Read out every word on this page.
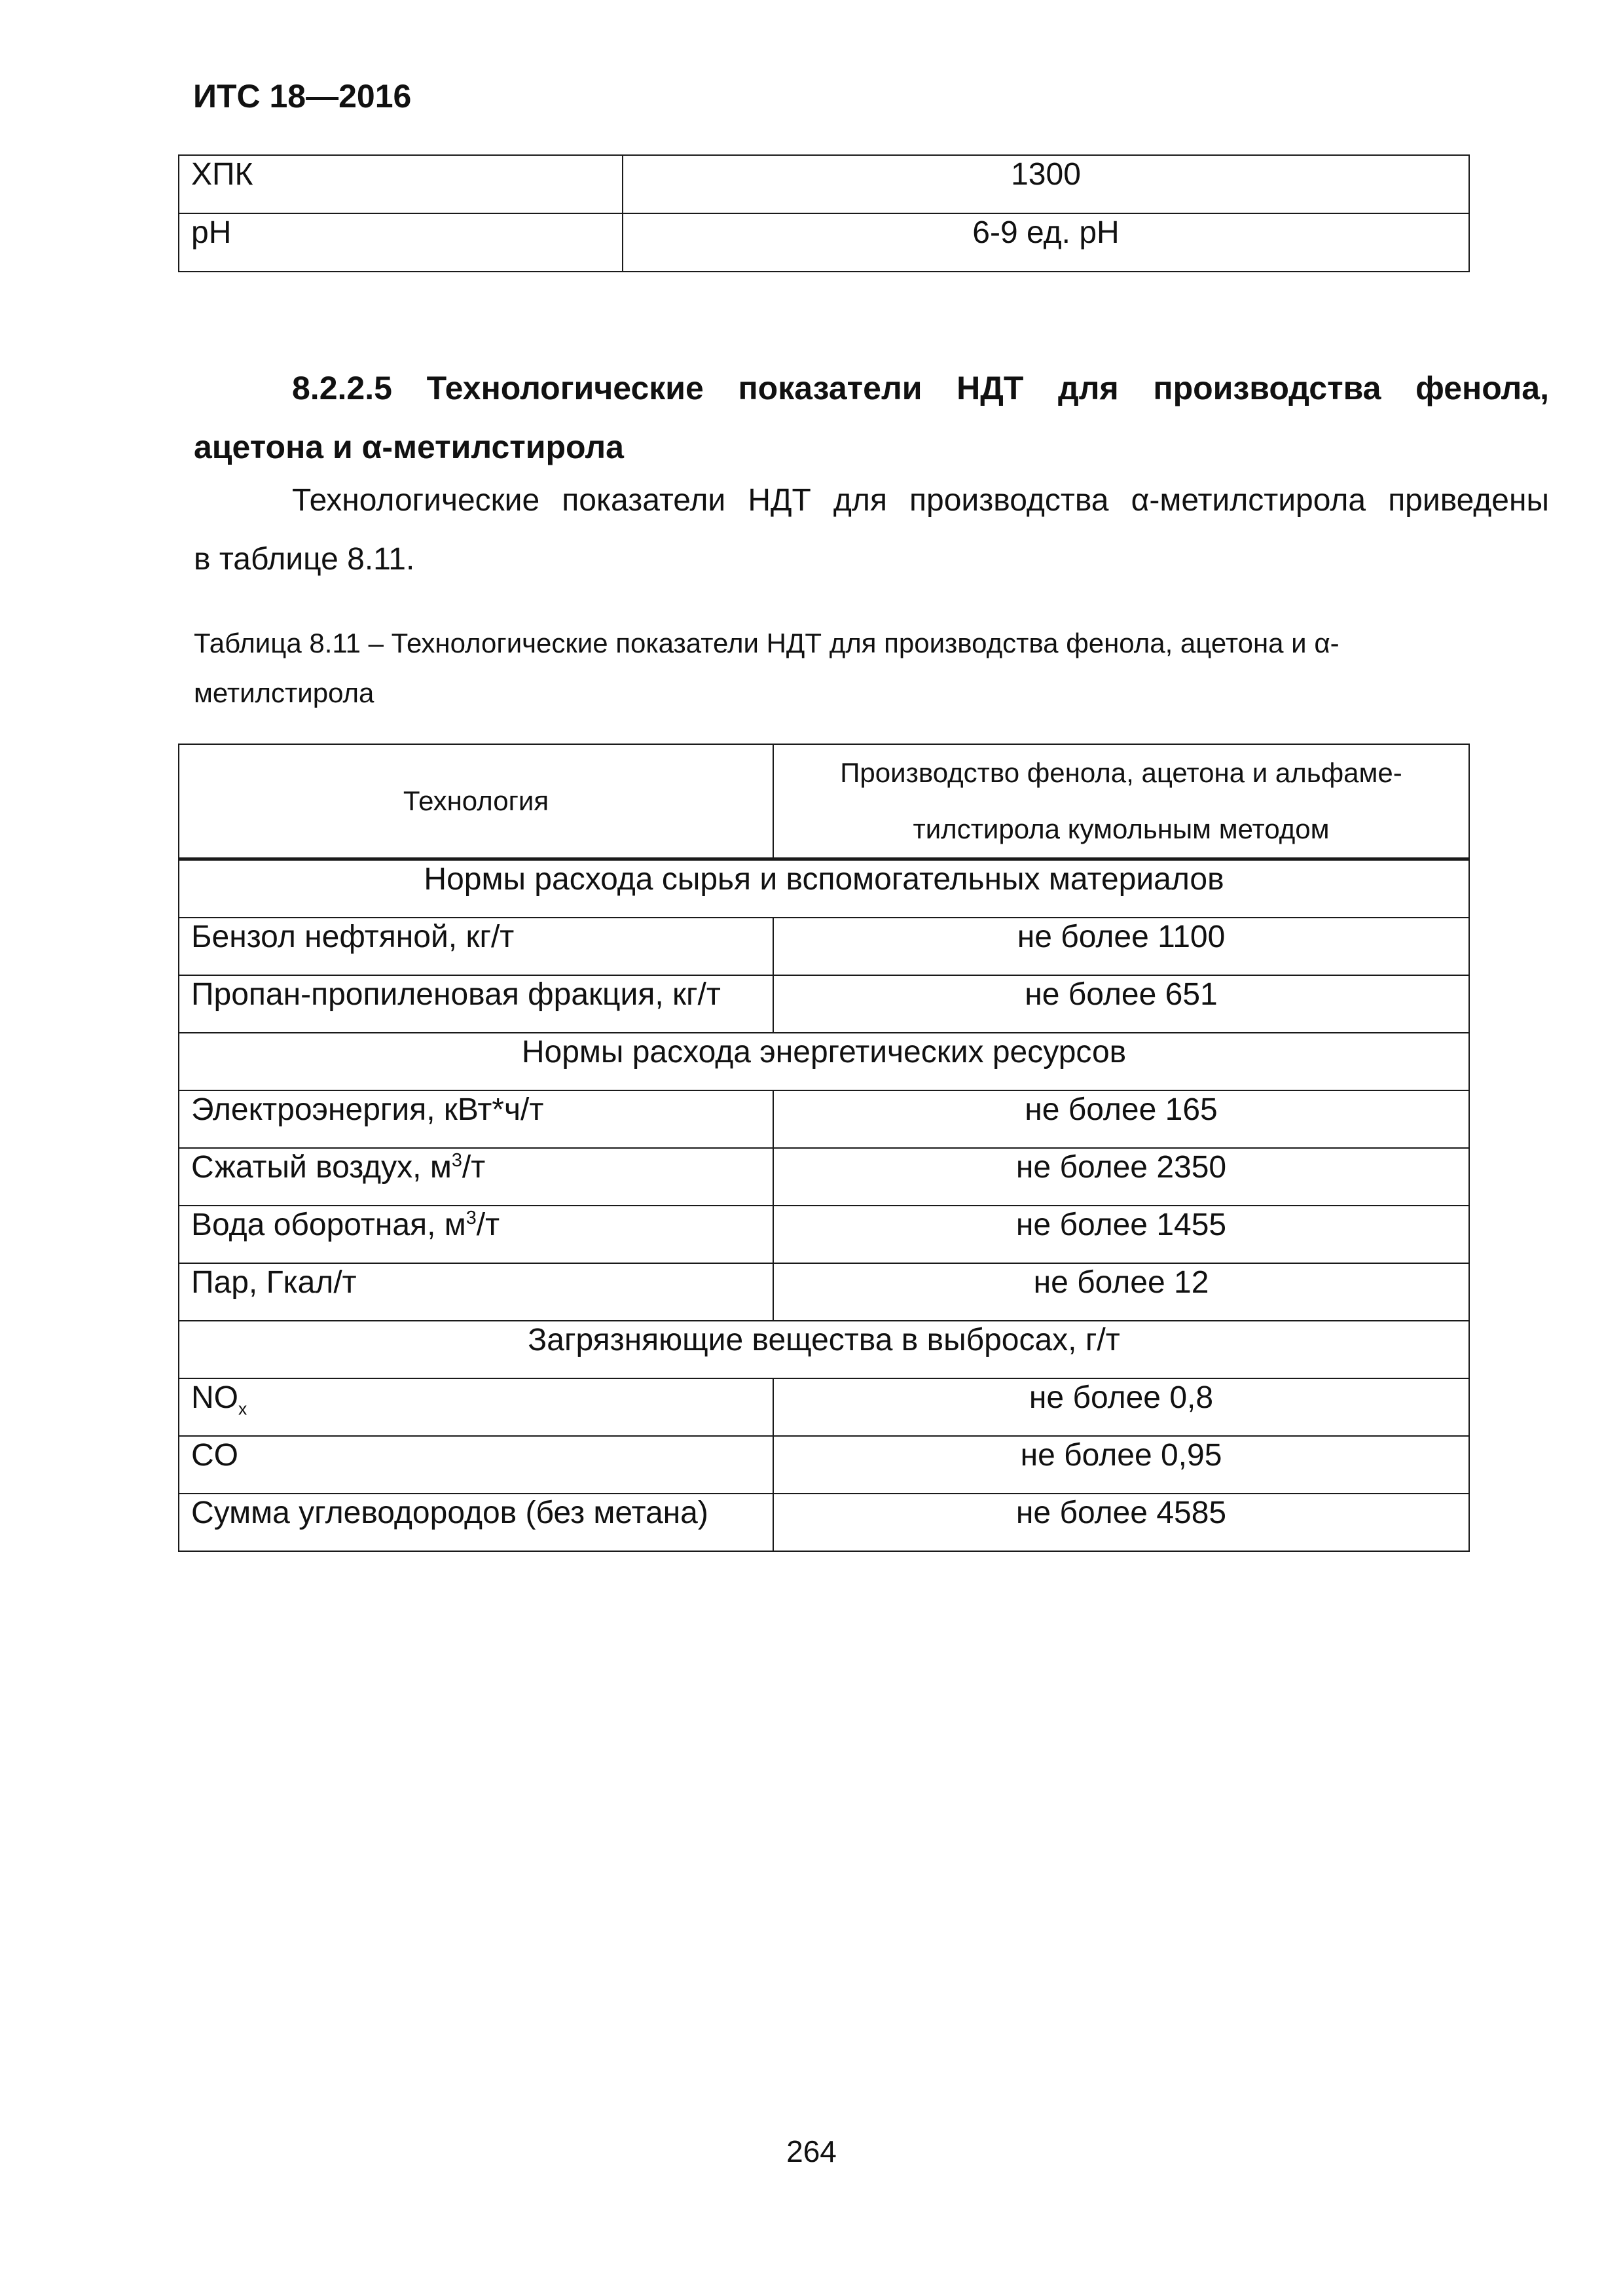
ИТС 18—2016
ХПК	1300
pH	6-9 ед. pH
8.2.2.5 Технологические показатели НДТ для производства фенола,
ацетона и α-метилстирола
Технологические показатели НДТ для производства α-метилстирола приведены
в таблице 8.11.
Таблица 8.11 – Технологические показатели НДТ для производства фенола, ацетона и α-
метилстирола
Технология	Производство фенола, ацетона и альфаме-
тилстирола кумольным методом

Нормы расхода сырья и вспомогательных материалов	
Бензол нефтяной, кг/т	не более 1100
Пропан-пропиленовая фракция, кг/т	не более 651
Нормы расхода энергетических ресурсов	
Электроэнергия, кВт*ч/т	не более 165
Сжатый воздух, $м^3/т$	не более 2350
Вода оборотная, $м^3/т$	не более 1455
Пар, Гкал/т	не более 12
Загрязняющие вещества в выбросах, г/т	
$NO_x$	не более 0,8
CO	не более 0,95
Сумма углеводородов (без метана)	не более 4585
264
